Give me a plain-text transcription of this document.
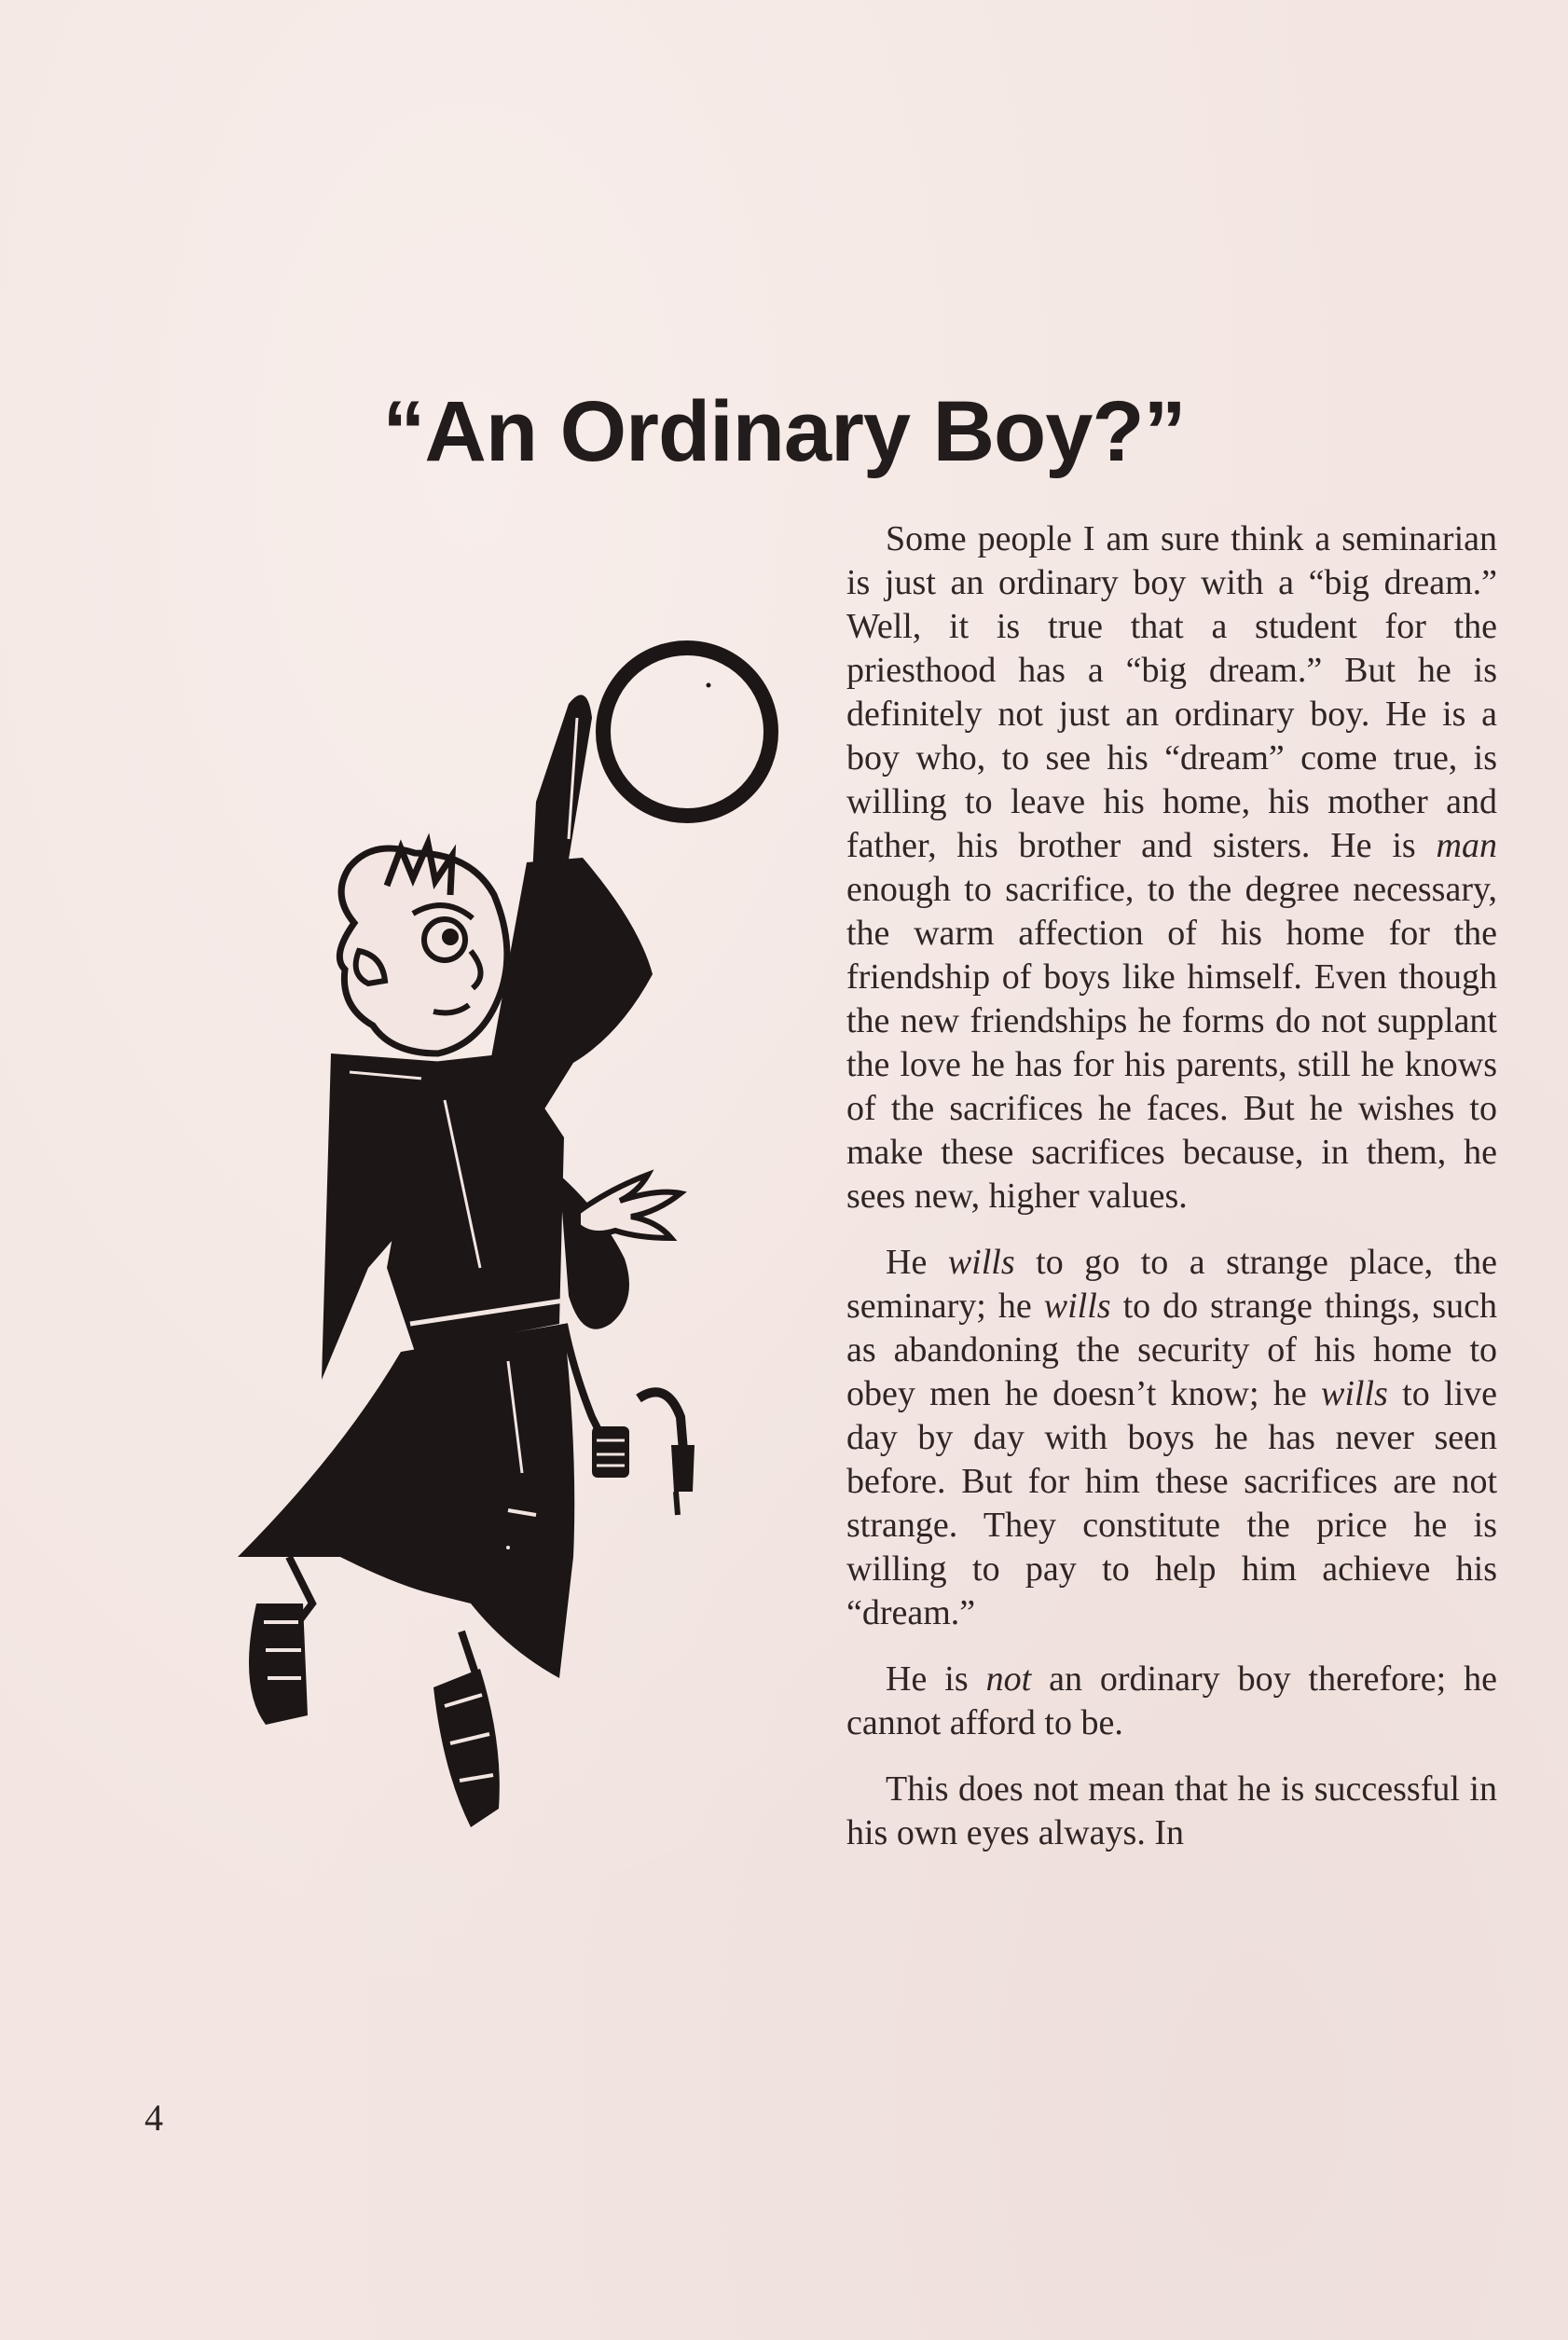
“An Ordinary Boy?”

Some people I am sure think a seminarian is just an ordinary boy with a “big dream.” Well, it is true that a student for the priesthood has a “big dream.” But he is definitely not just an ordinary boy. He is a boy who, to see his “dream” come true, is willing to leave his home, his mother and father, his brother and sisters. He is man enough to sacrifice, to the degree necessary, the warm affection of his home for the friendship of boys like himself. Even though the new friendships he forms do not supplant the love he has for his parents, still he knows of the sacrifices he faces. But he wishes to make these sacrifices because, in them, he sees new, higher values.

He wills to go to a strange place, the seminary; he wills to do strange things, such as abandoning the security of his home to obey men he doesn’t know; he wills to live day by day with boys he has never seen before. But for him these sacrifices are not strange. They constitute the price he is willing to pay to help him achieve his “dream.”

He is not an ordinary boy therefore; he cannot afford to be.

This does not mean that he is successful in his own eyes always. In

4
